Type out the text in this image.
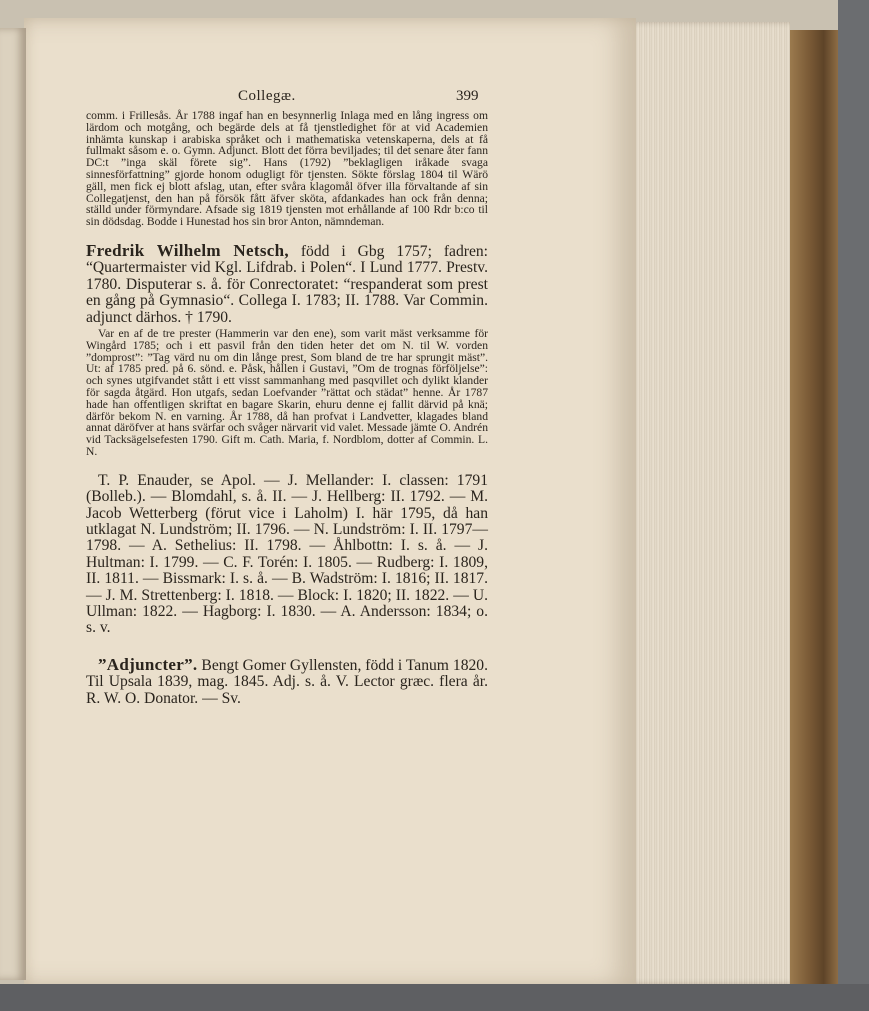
Collegæ.	399

comm. i Frillesås. År 1788 ingaf han en besynnerlig Inlaga med en lång ingress om lärdom och motgång, och begärde dels at få tjenstledighet för at vid Academien inhämta kunskap i arabiska språket och i mathematiska vetenskaperna, dels at få fullmakt såsom e. o. Gymn. Adjunct. Blott det förra beviljades; til det senare åter fann DC:t ”inga skäl förete sig”. Hans (1792) ”beklagligen iråkade svaga sinnesförfattning” gjorde honom odugligt för tjensten. Sökte förslag 1804 til Wärö gäll, men fick ej blott afslag, utan, efter svåra klagomål öfver illa förvaltande af sin Collegatjenst, den han på försök fått äfver sköta, afdankades han ock från denna; ställd under förmyndare. Afsade sig 1819 tjensten mot erhållande af 100 Rdr b:co til sin dödsdag. Bodde i Hunestad hos sin bror Anton, nämndeman.

Fredrik Wilhelm Netsch, född i Gbg 1757; fadren: “Quartermaister vid Kgl. Lifdrab. i Polen“. I Lund 1777. Prestv. 1780. Disputerar s. å. för Conrectoratet: “respanderat som prest en gång på Gymnasio“. Collega I. 1783; II. 1788. Var Commin. adjunct därhos. † 1790.

Var en af de tre prester (Hammerin var den ene), som varit mäst verksamme för Wingård 1785; och i ett pasvil från den tiden heter det om N. til W. vorden ”domprost”: ”Tag värd nu om din långe prest, Som bland de tre har sprungit mäst”. Ut: af 1785 pred. på 6. sönd. e. Påsk, hållen i Gustavi, ”Om de trognas förföljelse”: och synes utgifvandet stått i ett visst sammanhang med pasqvillet och dylikt klander för sagda åtgärd. Hon utgafs, sedan Loefvander ”rättat och städat” henne. År 1787 hade han offentligen skriftat en bagare Skarin, ehuru denne ej fallit därvid på knä; därför bekom N. en varning. År 1788, då han profvat i Landvetter, klagades bland annat däröfver at hans svärfar och svåger närvarit vid valet. Messade jämte O. Andrén vid Tacksägelsefesten 1790. Gift m. Cath. Maria, f. Nordblom, dotter af Commin. L. N.

T. P. Enauder, se Apol. — J. Mellander: I. classen: 1791 (Bolleb.). — Blomdahl, s. å. II. — J. Hellberg: II. 1792. — M. Jacob Wetterberg (förut vice i Laholm) I. här 1795, då han utklagat N. Lundström; II. 1796. — N. Lundström: I. II. 1797—1798. — A. Sethelius: II. 1798. — Åhlbottn: I. s. å. — J. Hultman: I. 1799. — C. F. Torén: I. 1805. — Rudberg: I. 1809, II. 1811. — Bissmark: I. s. å. — B. Wadström: I. 1816; II. 1817. — J. M. Strettenberg: I. 1818. — Block: I. 1820; II. 1822. — U. Ullman: 1822. — Hagborg: I. 1830. — A. Andersson: 1834; o. s. v.

”Adjuncter”. Bengt Gomer Gyllensten, född i Tanum 1820. Til Upsala 1839, mag. 1845. Adj. s. å. V. Lector græc. flera år. R. W. O. Donator. — Sv.
